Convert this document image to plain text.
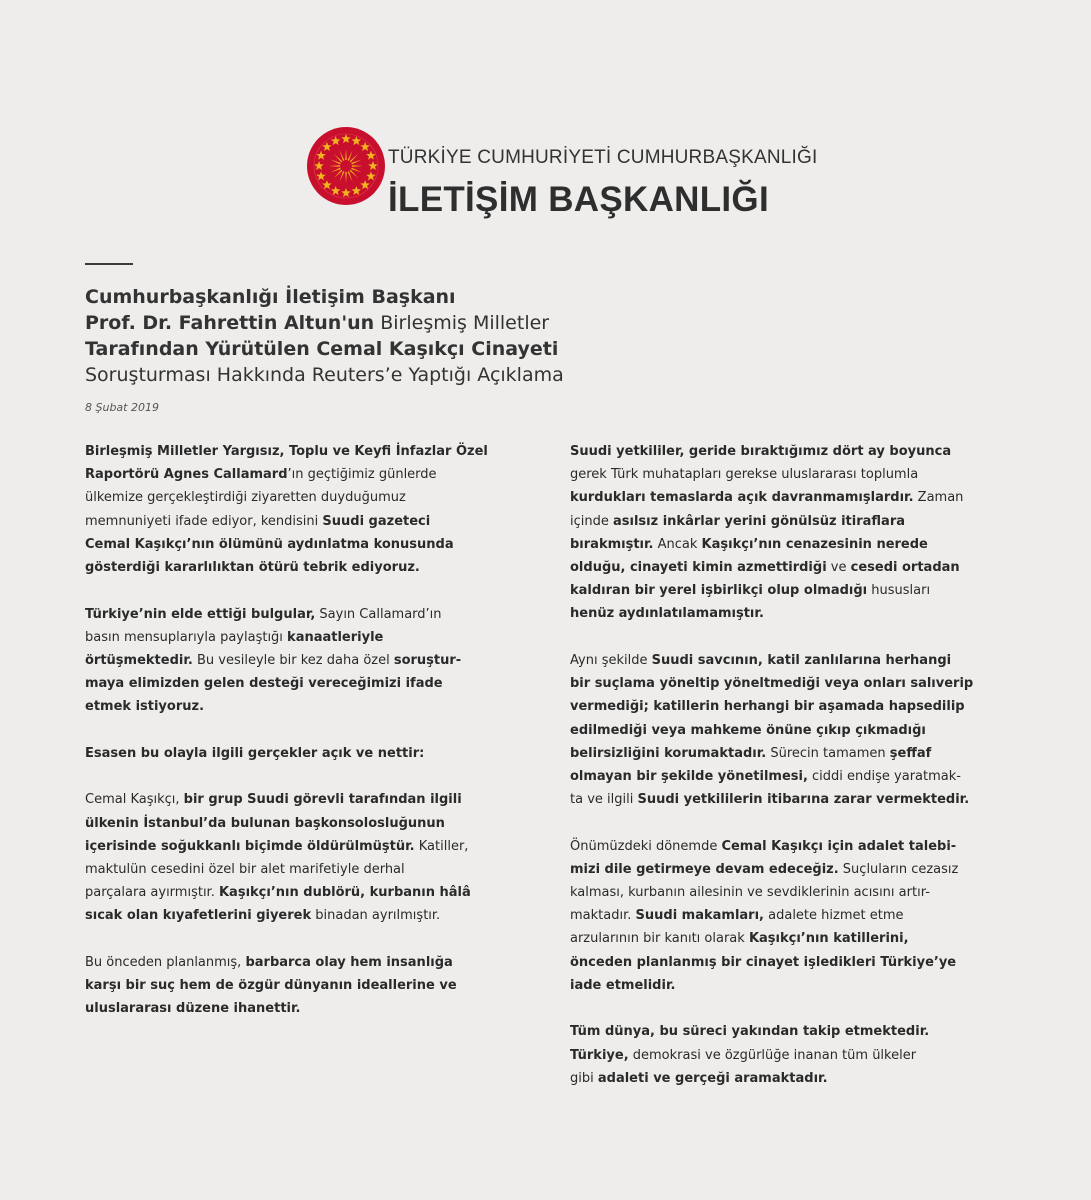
TÜRKİYE CUMHURİYETİ CUMHURBAŞKANLIĞI
İLETİŞİM BAŞKANLIĞI
Cumhurbaşkanlığı İletişim Başkanı
Prof. Dr. Fahrettin Altun'un Birleşmiş Milletler
Tarafından Yürütülen Cemal Kaşıkçı Cinayeti
Soruşturması Hakkında Reuters’e Yaptığı Açıklama
8 Şubat 2019

Birleşmiş Milletler Yargısız, Toplu ve Keyfi İnfazlar Özel
Raportörü Agnes Callamard’ın geçtiğimiz günlerde
ülkemize gerçekleştirdiği ziyaretten duyduğumuz
memnuniyeti ifade ediyor, kendisini Suudi gazeteci
Cemal Kaşıkçı’nın ölümünü aydınlatma konusunda
gösterdiği kararlılıktan ötürü tebrik ediyoruz.

Türkiye’nin elde ettiği bulgular, Sayın Callamard’ın
basın mensuplarıyla paylaştığı kanaatleriyle
örtüşmektedir. Bu vesileyle bir kez daha özel soruştur-
maya elimizden gelen desteği vereceğimizi ifade
etmek istiyoruz.

Esasen bu olayla ilgili gerçekler açık ve nettir:

Cemal Kaşıkçı, bir grup Suudi görevli tarafından ilgili
ülkenin İstanbul’da bulunan başkonsolosluğunun
içerisinde soğukkanlı biçimde öldürülmüştür. Katiller,
maktulün cesedini özel bir alet marifetiyle derhal
parçalara ayırmıştır. Kaşıkçı’nın dublörü, kurbanın hâlâ
sıcak olan kıyafetlerini giyerek binadan ayrılmıştır.

Bu önceden planlanmış, barbarca olay hem insanlığa
karşı bir suç hem de özgür dünyanın ideallerine ve
uluslararası düzene ihanettir.

Suudi yetkililer, geride bıraktığımız dört ay boyunca
gerek Türk muhatapları gerekse uluslararası toplumla
kurdukları temaslarda açık davranmamışlardır. Zaman
içinde asılsız inkârlar yerini gönülsüz itiraflara
bırakmıştır. Ancak Kaşıkçı’nın cenazesinin nerede
olduğu, cinayeti kimin azmettirdiği ve cesedi ortadan
kaldıran bir yerel işbirlikçi olup olmadığı hususları
henüz aydınlatılamamıştır.

Aynı şekilde Suudi savcının, katil zanlılarına herhangi
bir suçlama yöneltip yöneltmediği veya onları salıverip
vermediği; katillerin herhangi bir aşamada hapsedilip
edilmediği veya mahkeme önüne çıkıp çıkmadığı
belirsizliğini korumaktadır. Sürecin tamamen şeffaf
olmayan bir şekilde yönetilmesi, ciddi endişe yaratmak-
ta ve ilgili Suudi yetkililerin itibarına zarar vermektedir.

Önümüzdeki dönemde Cemal Kaşıkçı için adalet talebi-
mizi dile getirmeye devam edeceğiz. Suçluların cezasız
kalması, kurbanın ailesinin ve sevdiklerinin acısını artır-
maktadır. Suudi makamları, adalete hizmet etme
arzularının bir kanıtı olarak Kaşıkçı’nın katillerini,
önceden planlanmış bir cinayet işledikleri Türkiye’ye
iade etmelidir.

Tüm dünya, bu süreci yakından takip etmektedir.
Türkiye, demokrasi ve özgürlüğe inanan tüm ülkeler
gibi adaleti ve gerçeği aramaktadır.
